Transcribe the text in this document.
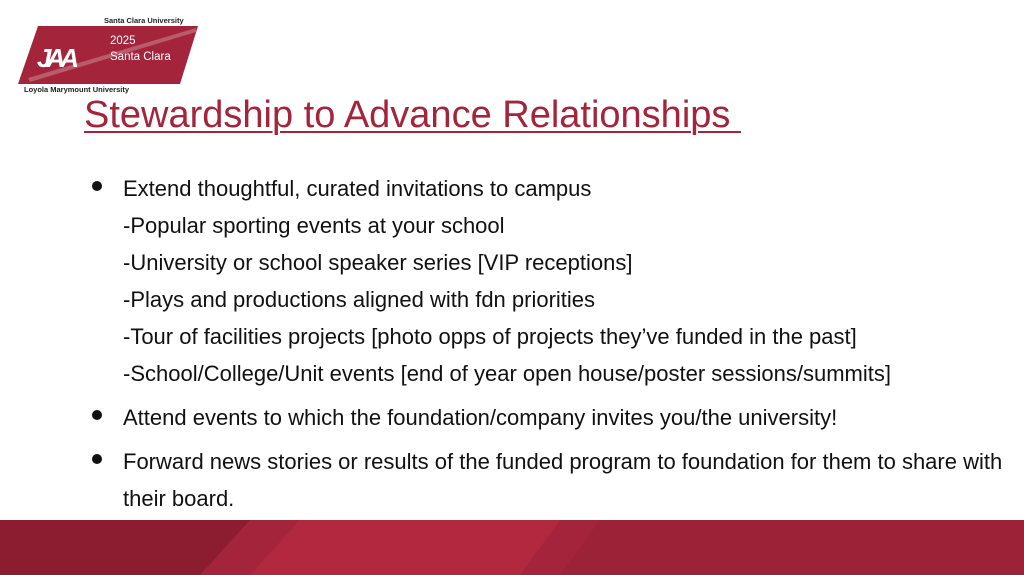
Santa Clara University
JAA
2025
Santa Clara
Loyola Marymount University
Stewardship to Advance Relationships
Extend thoughtful, curated invitations to campus
-Popular sporting events at your school
-University or school speaker series [VIP receptions]
-Plays and productions aligned with fdn priorities
-Tour of facilities projects [photo opps of projects they’ve funded in the past]
-School/College/Unit events [end of year open house/poster sessions/summits]
Attend events to which the foundation/company invites you/the university!
Forward news stories or results of the funded program to foundation for them to share with their board.
